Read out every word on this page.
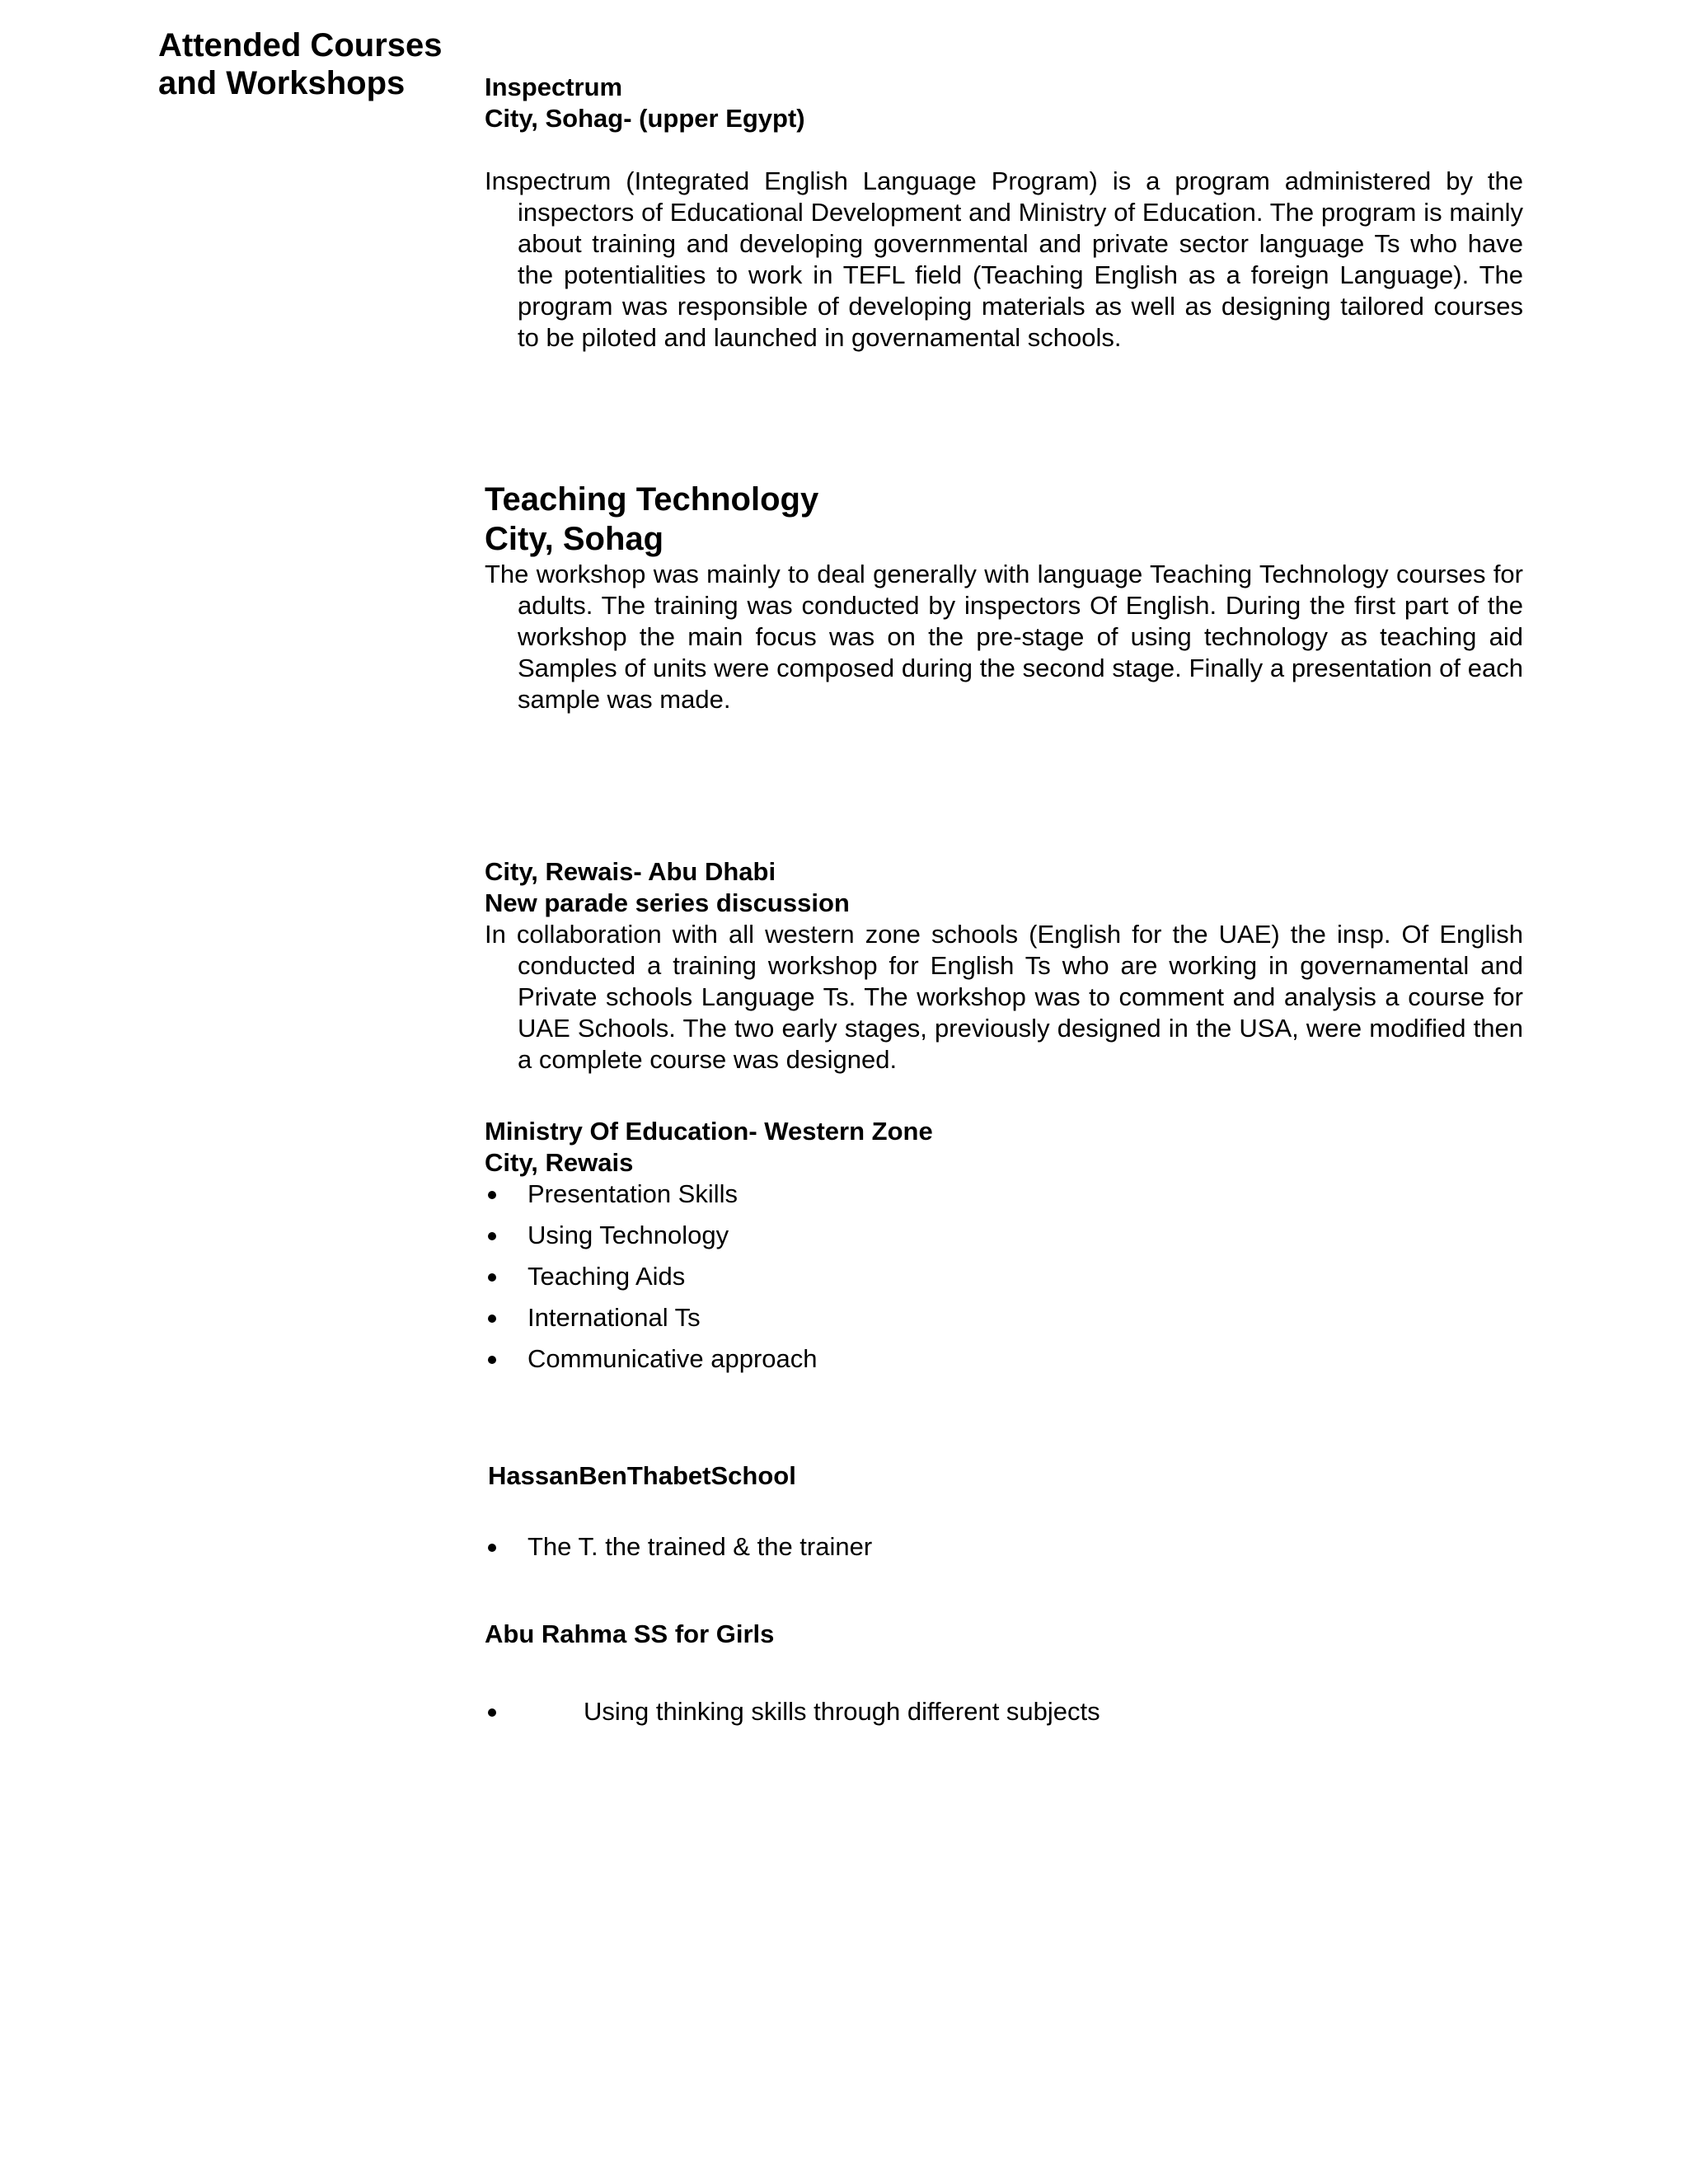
Attended Courses and Workshops	Inspectrum

City, Sohag- (upper Egypt)

Inspectrum (Integrated English Language Program) is a program administered by the inspectors of Educational Development and Ministry of Education. The program is mainly about training and developing governmental and private sector language Ts who have the potentialities to work in TEFL field (Teaching English as a foreign Language). The program was responsible of developing materials as well as designing tailored courses to be piloted and launched in governamental schools.

Teaching Technology

City, Sohag

The workshop was mainly to deal generally with language Teaching Technology courses for adults. The training was conducted by inspectors Of English. During the first part of the workshop the main focus was on the pre-stage of using technology as teaching aid Samples of units were composed during the second stage. Finally a presentation of each sample was made.

City, Rewais- Abu Dhabi

New parade series discussion

In collaboration with all western zone schools (English for the UAE) the insp. Of English conducted a training workshop for English Ts who are working in governamental and Private schools Language Ts. The workshop was to comment and analysis a course for UAE Schools. The two early stages, previously designed in the USA, were modified then a complete course was designed.

Ministry Of Education- Western Zone

City, Rewais

Presentation Skills
Using Technology
Teaching Aids
International Ts
Communicative approach

HassanBenThabetSchool

The T. the trained & the trainer

Abu Rahma SS for Girls

Using thinking skills through different subjects
